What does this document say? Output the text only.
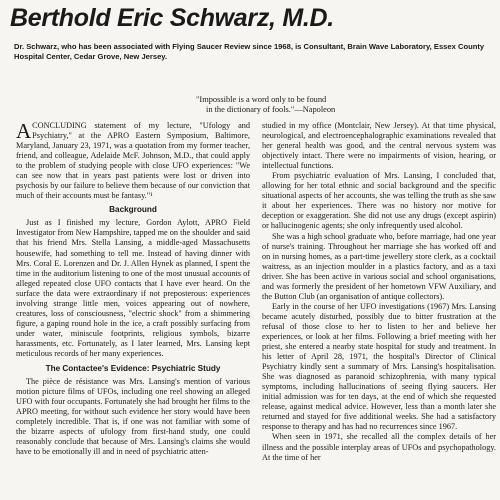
Berthold Eric Schwarz, M.D.

Dr. Schwarz, who has been associated with Flying Saucer Review since 1968, is Consultant, Brain Wave Laboratory, Essex County Hospital Center, Cedar Grove, New Jersey.

"Impossible is a word only to be found
in the dictionary of fools."—Napoleon

ACONCLUDING statement of my lecture, "Ufology and Psychiatry," at the APRO Eastern Symposium, Baltimore, Maryland, January 23, 1971, was a quotation from my former teacher, friend, and colleague, Adelaide McF. Johnson, M.D., that could apply to the problem of studying people with close UFO experiences: "We can see now that in years past patients were lost or driven into psychosis by our failure to believe them because of our conviction that much of their accounts must be fantasy."¹

Background

Just as I finished my lecture, Gordon Aylott, APRO Field Investigator from New Hampshire, tapped me on the shoulder and said that his friend Mrs. Stella Lansing, a middle-aged Massachusetts housewife, had something to tell me. Instead of having dinner with Mrs. Coral E. Lorenzen and Dr. J. Allen Hynek as planned, I spent the time in the auditorium listening to one of the most unusual accounts of alleged repeated close UFO contacts that I have ever heard. On the surface the data were extraordinary if not preposterous: experiences involving strange little men, voices appearing out of nowhere, creatures, loss of consciousness, "electric shock" from a shimmering figure, a gaping round hole in the ice, a craft possibly surfacing from under water, miniscule footprints, religious symbols, bizarre harassments, etc. Fortunately, as I later learned, Mrs. Lansing kept meticulous records of her many experiences.

The Contactee's Evidence: Psychiatric Study

The pièce de résistance was Mrs. Lansing's mention of various motion picture films of UFOs, including one reel showing an alleged UFO with four occupants. Fortunately she had brought her films to the APRO meeting, for without such evidence her story would have been completely incredible. That is, if one was not familiar with some of the bizarre aspects of ufology from first-hand study, one could reasonably conclude that because of Mrs. Lansing's claims she would have to be emotionally ill and in need of psychiatric atten-

studied in my office (Montclair, New Jersey). At that time physical, neurological, and electroencephalographic examinations revealed that her general health was good, and the central nervous system was objectively intact. There were no impairments of vision, hearing, or intellectual functions.

From psychiatric evaluation of Mrs. Lansing, I concluded that, allowing for her total ethnic and social background and the specific situational aspects of her accounts, she was telling the truth as she saw it about her experiences. There was no history nor motive for deception or exaggeration. She did not use any drugs (except aspirin) or hallucinogenic agents; she only infrequently used alcohol.

She was a high school graduate who, before marriage, had one year of nurse's training. Throughout her marriage she has worked off and on in nursing homes, as a part-time jewellery store clerk, as a cocktail waitress, as an injection moulder in a plastics factory, and as a taxi driver. She has been active in various social and school organisations, and was formerly the president of her hometown VFW Auxiliary, and the Button Club (an organisation of antique collectors).

Early in the course of her UFO investigations (1967) Mrs. Lansing became acutely disturbed, possibly due to bitter frustration at the refusal of those close to her to listen to her and believe her experiences, or look at her films. Following a brief meeting with her priest, she entered a nearby state hospital for study and treatment. In his letter of April 28, 1971, the hospital's Director of Clinical Psychiatry kindly sent a summary of Mrs. Lansing's hospitalisation. She was diagnosed as paranoid schizophrenia, with many typical symptoms, including hallucinations of seeing flying saucers. Her initial admission was for ten days, at the end of which she requested release, against medical advice. However, less than a month later she returned and stayed for five additional weeks. She had a satisfactory response to therapy and has had no recurrences since 1967.

When seen in 1971, she recalled all the complex details of her illness and the possible interplay areas of UFOs and psychopathology. At the time of her
